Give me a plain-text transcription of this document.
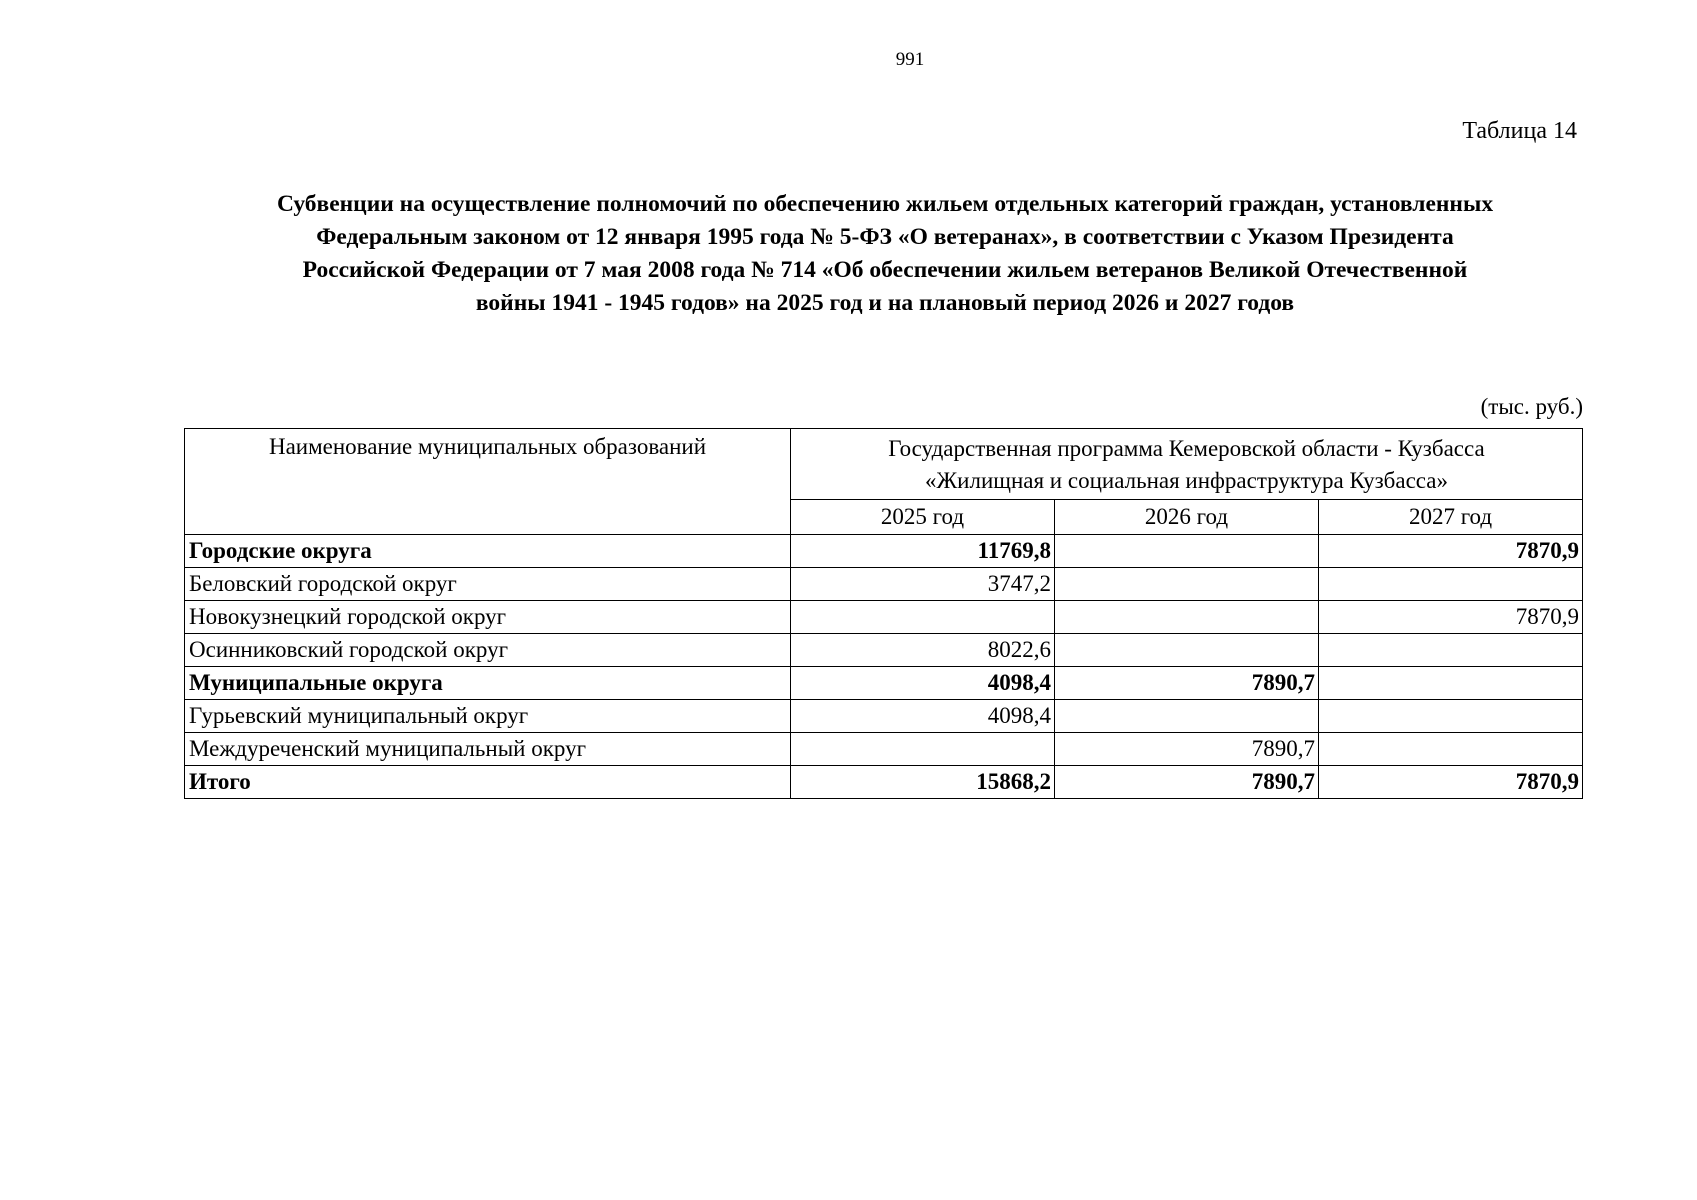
991
Таблица 14
Субвенции на осуществление полномочий по обеспечению жильем отдельных категорий граждан, установленных
Федеральным законом от 12 января 1995 года № 5-ФЗ «О ветеранах», в соответствии с Указом Президента
Российской Федерации от 7 мая 2008 года № 714 «Об обеспечении жильем ветеранов Великой Отечественной
войны 1941 - 1945 годов» на 2025 год и на плановый период 2026 и 2027 годов
(тыс. руб.)
Наименование муниципальных образований	Государственная программа Кемеровской области - Кузбасса
«Жилищная и социальная инфраструктура Кузбасса»		

	2025 год	2026 год	2027 год
Городские округа	11769,8		7870,9
Беловский городской округ	3747,2		
Новокузнецкий городской округ			7870,9
Осинниковский городской округ	8022,6		
Муниципальные округа	4098,4	7890,7	
Гурьевский муниципальный округ	4098,4		
Междуреченский муниципальный округ		7890,7	
Итого	15868,2	7890,7	7870,9
